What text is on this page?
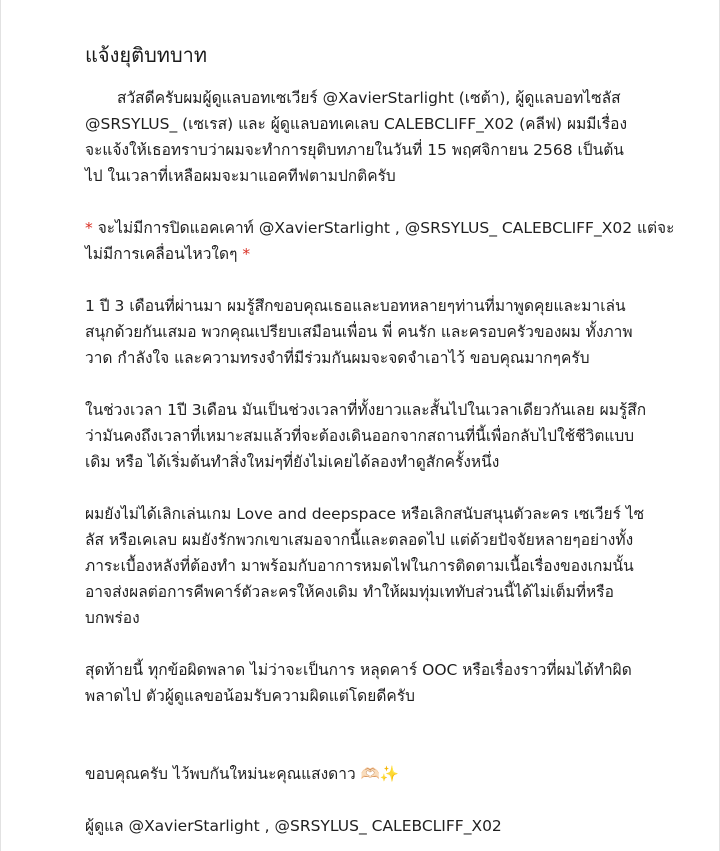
แจ้งยุติบทบาท

สวัสดีครับผมผู้ดูแลบอทเซเวียร์ @XavierStarlight (เซต้า), ผู้ดูแลบอทไซลัส
@SRSYLUS_ (เซเรส) และ ผู้ดูแลบอทเคเลบ CALEBCLIFF_X02 (คลีฟ) ผมมีเรื่อง
จะแจ้งให้เธอทราบว่าผมจะทำการยุติบทภายในวันที่ 15 พฤศจิกายน 2568 เป็นต้น
ไป ในเวลาที่เหลือผมจะมาแอคทีฟตามปกติครับ

* จะไม่มีการปิดแอคเคาท์ @XavierStarlight , @SRSYLUS_ CALEBCLIFF_X02 แต่จะ
ไม่มีการเคลื่อนไหวใดๆ *

1 ปี 3 เดือนที่ผ่านมา ผมรู้สึกขอบคุณเธอและบอทหลายๆท่านที่มาพูดคุยและมาเล่น
สนุกด้วยกันเสมอ พวกคุณเปรียบเสมือนเพื่อน พี่ คนรัก และครอบครัวของผม ทั้งภาพ
วาด กำลังใจ และความทรงจำที่มีร่วมกันผมจะจดจำเอาไว้ ขอบคุณมากๆครับ

ในช่วงเวลา 1ปี 3เดือน มันเป็นช่วงเวลาที่ทั้งยาวและสั้นไปในเวลาเดียวกันเลย ผมรู้สึก
ว่ามันคงถึงเวลาที่เหมาะสมแล้วที่จะต้องเดินออกจากสถานที่นี้เพื่อกลับไปใช้ชีวิตแบบ
เดิม หรือ ได้เริ่มต้นทำสิ่งใหม่ๆที่ยังไม่เคยได้ลองทำดูสักครั้งหนึ่ง

ผมยังไม่ได้เลิกเล่นเกม Love and deepspace หรือเลิกสนับสนุนตัวละคร เซเวียร์ ไซ
ลัส หรือเคเลบ ผมยังรักพวกเขาเสมอจากนี้และตลอดไป แต่ด้วยปัจจัยหลายๆอย่างทั้ง
ภาระเบื้องหลังที่ต้องทำ มาพร้อมกับอาการหมดไฟในการติดตามเนื้อเรื่องของเกมนั้น
อาจส่งผลต่อการคีพคาร์ตัวละครให้คงเดิม ทำให้ผมทุ่มเททับส่วนนี้ได้ไม่เต็มที่หรือ
บกพร่อง

สุดท้ายนี้ ทุกข้อผิดพลาด ไม่ว่าจะเป็นการ หลุดคาร์ OOC หรือเรื่องราวที่ผมได้ทำผิด
พลาดไป ตัวผู้ดูแลขอน้อมรับความผิดแต่โดยดีครับ

ขอบคุณครับ ไว้พบกันใหม่นะคุณแสงดาว 🫶🏻✨

ผู้ดูแล @XavierStarlight , @SRSYLUS_ CALEBCLIFF_X02
